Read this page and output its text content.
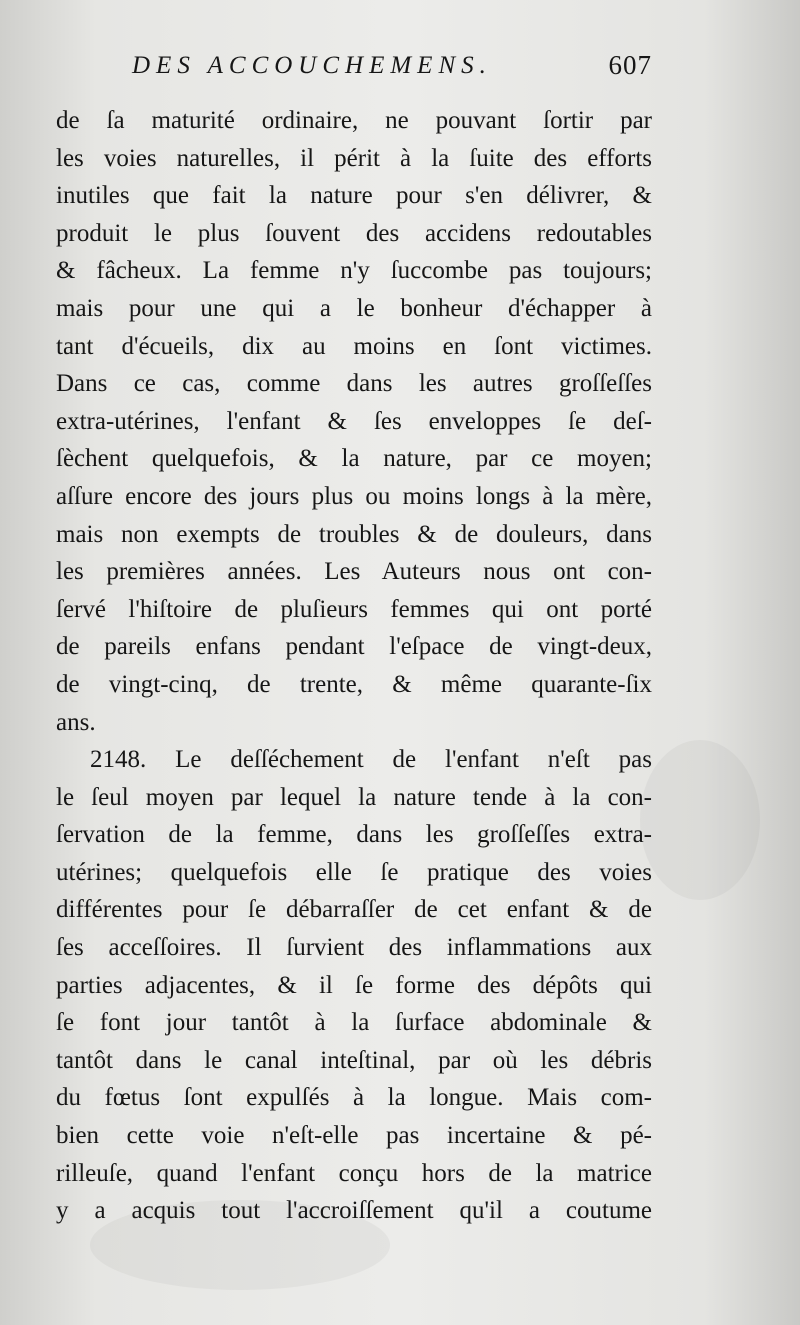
DES ACCOUCHEMENS.	607
de ſa maturité ordinaire, ne pouvant ſortir par
les voies naturelles, il périt à la ſuite des efforts
inutiles que fait la nature pour s'en délivrer, &
produit le plus ſouvent des accidens redoutables
& fâcheux. La femme n'y ſuccombe pas toujours;
mais pour une qui a le bonheur d'échapper à
tant d'écueils, dix au moins en ſont victimes.
Dans ce cas, comme dans les autres groſſeſſes
extra-utérines, l'enfant & ſes enveloppes ſe deſ-
ſèchent quelquefois, & la nature, par ce moyen;
aſſure encore des jours plus ou moins longs à la mère,
mais non exempts de troubles & de douleurs, dans
les premières années. Les Auteurs nous ont con-
ſervé l'hiſtoire de pluſieurs femmes qui ont porté
de pareils enfans pendant l'eſpace de vingt-deux,
de vingt-cinq, de trente, & même quarante-ſix
ans.
2148. Le deſſéchement de l'enfant n'eſt pas
le ſeul moyen par lequel la nature tende à la con-
ſervation de la femme, dans les groſſeſſes extra-
utérines; quelquefois elle ſe pratique des voies
différentes pour ſe débarraſſer de cet enfant & de
ſes acceſſoires. Il ſurvient des inflammations aux
parties adjacentes, & il ſe forme des dépôts qui
ſe font jour tantôt à la ſurface abdominale &
tantôt dans le canal inteſtinal, par où les débris
du fœtus ſont expulſés à la longue. Mais com-
bien cette voie n'eſt-elle pas incertaine & pé-
rilleuſe, quand l'enfant conçu hors de la matrice
y a acquis tout l'accroiſſement qu'il a coutume
